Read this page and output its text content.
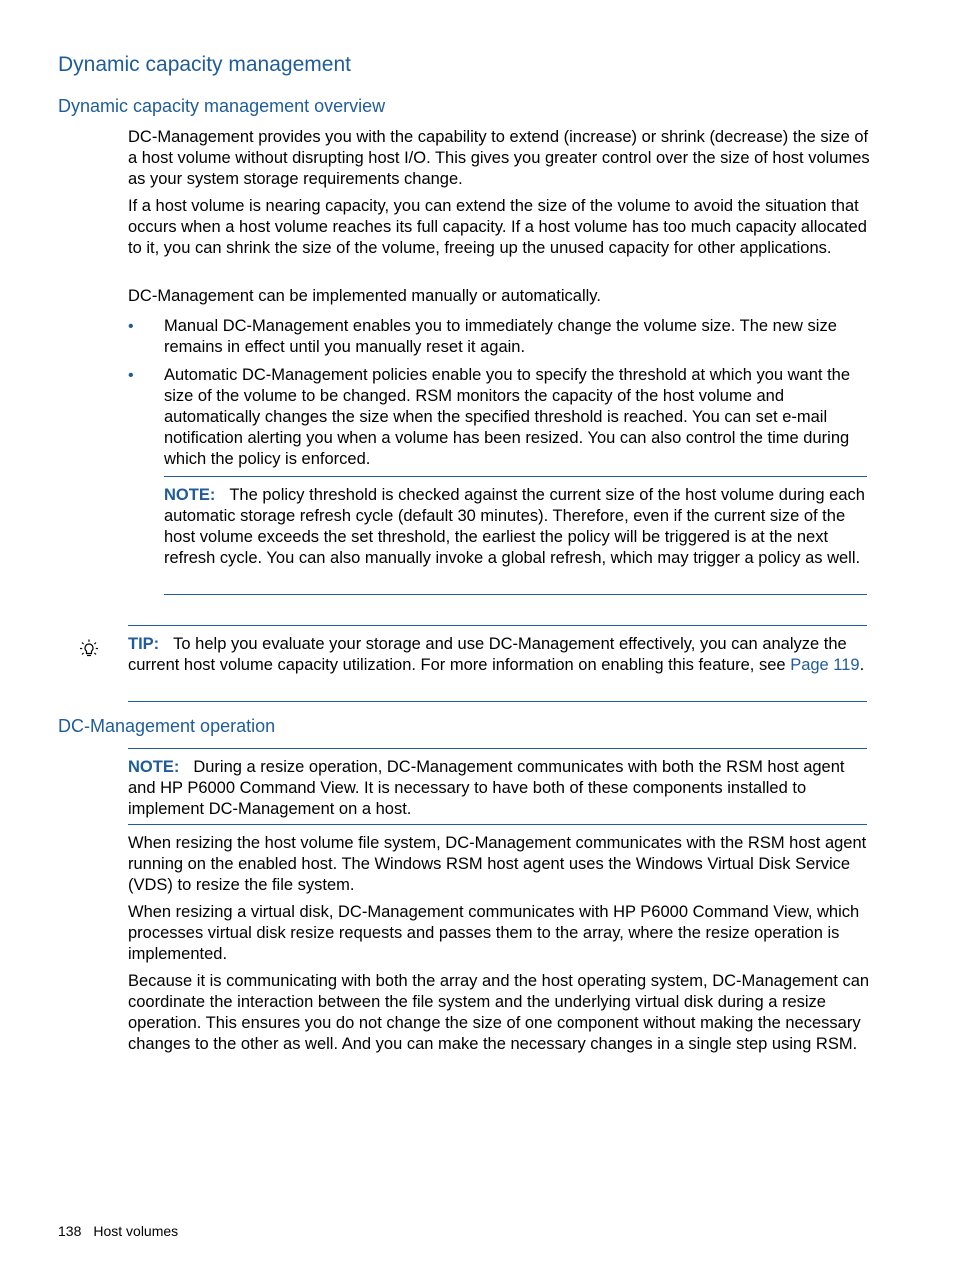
Dynamic capacity management
Dynamic capacity management overview

DC-Management provides you with the capability to extend (increase) or shrink (decrease) the size of a host volume without disrupting host I/O. This gives you greater control over the size of host volumes as your system storage requirements change.

If a host volume is nearing capacity, you can extend the size of the volume to avoid the situation that occurs when a host volume reaches its full capacity. If a host volume has too much capacity allocated to it, you can shrink the size of the volume, freeing up the unused capacity for other applications.

DC-Management can be implemented manually or automatically.

• Manual DC-Management enables you to immediately change the volume size. The new size remains in effect until you manually reset it again.

• Automatic DC-Management policies enable you to specify the threshold at which you want the size of the volume to be changed. RSM monitors the capacity of the host volume and automatically changes the size when the specified threshold is reached. You can set e-mail notification alerting you when a volume has been resized. You can also control the time during which the policy is enforced.

NOTE: The policy threshold is checked against the current size of the host volume during each automatic storage refresh cycle (default 30 minutes). Therefore, even if the current size of the host volume exceeds the set threshold, the earliest the policy will be triggered is at the next refresh cycle. You can also manually invoke a global refresh, which may trigger a policy as well.

TIP: To help you evaluate your storage and use DC-Management effectively, you can analyze the current host volume capacity utilization. For more information on enabling this feature, see Page 119.

DC-Management operation

NOTE: During a resize operation, DC-Management communicates with both the RSM host agent and HP P6000 Command View. It is necessary to have both of these components installed to implement DC-Management on a host.

When resizing the host volume file system, DC-Management communicates with the RSM host agent running on the enabled host. The Windows RSM host agent uses the Windows Virtual Disk Service (VDS) to resize the file system.

When resizing a virtual disk, DC-Management communicates with HP P6000 Command View, which processes virtual disk resize requests and passes them to the array, where the resize operation is implemented.

Because it is communicating with both the array and the host operating system, DC-Management can coordinate the interaction between the file system and the underlying virtual disk during a resize operation. This ensures you do not change the size of one component without making the necessary changes to the other as well. And you can make the necessary changes in a single step using RSM.

138 Host volumes
